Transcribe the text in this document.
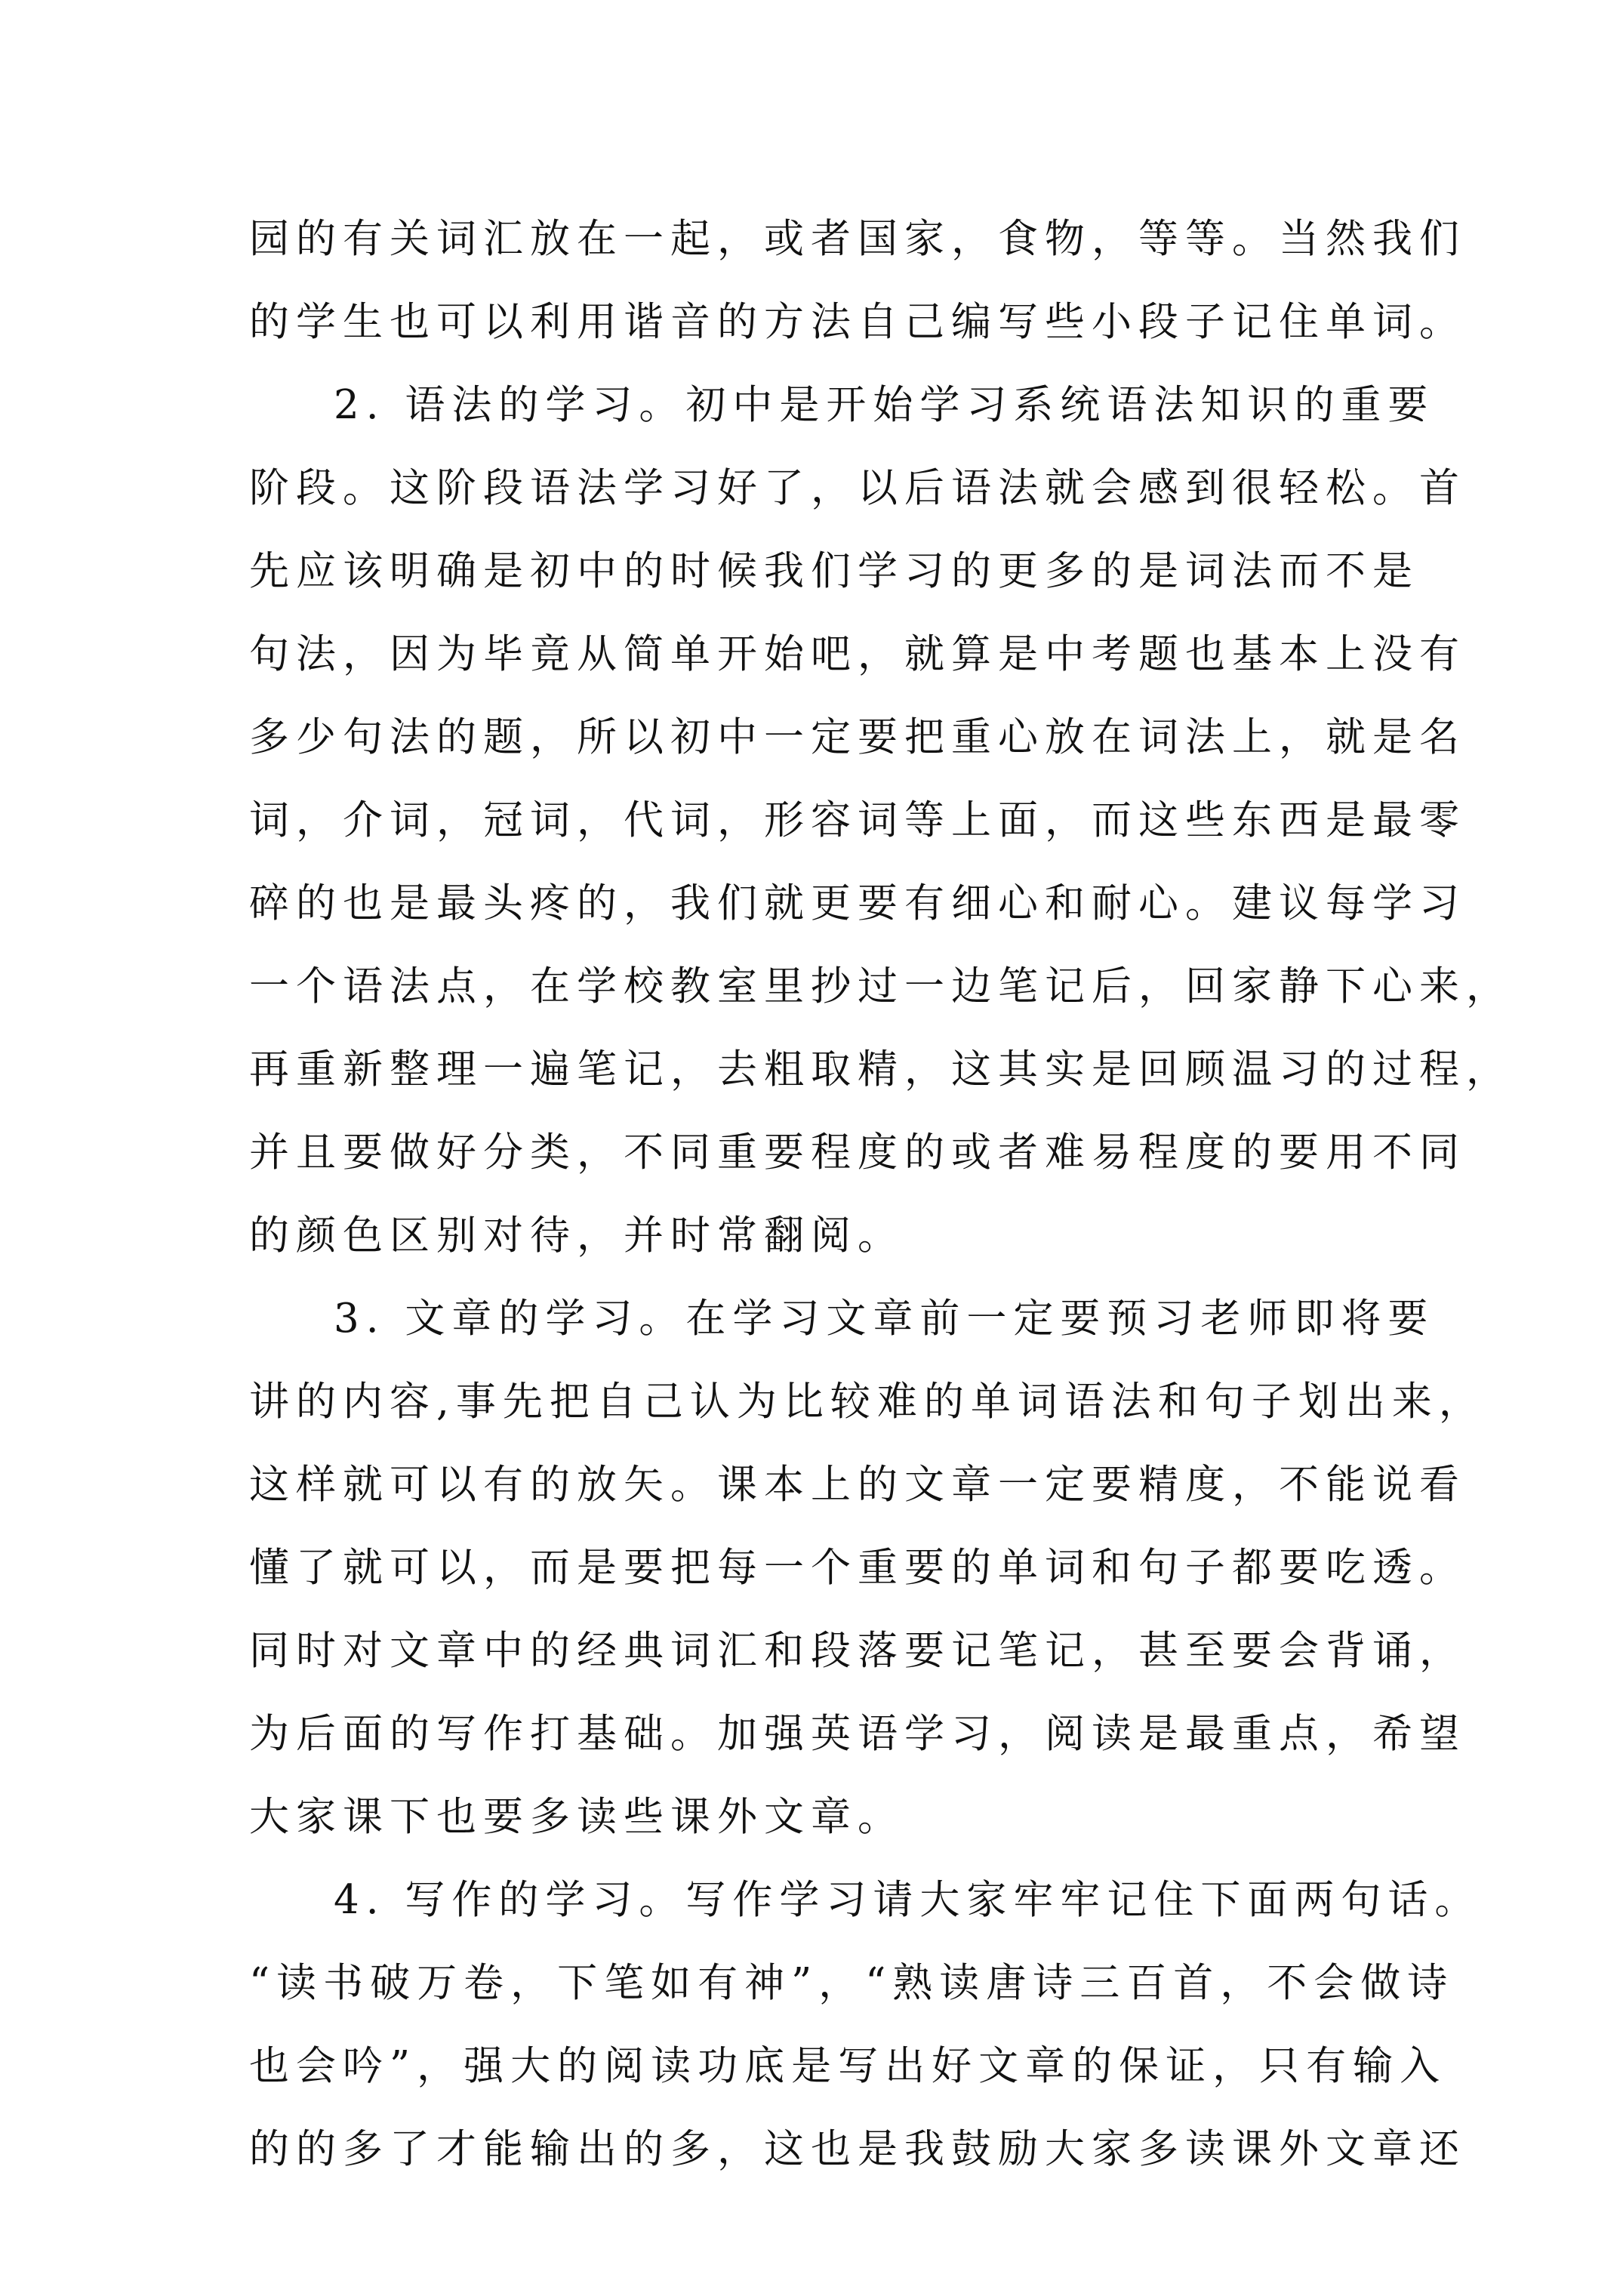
园的有关词汇放在一起，或者国家，食物，等等。当然我们
的学生也可以利用谐音的方法自己编写些小段子记住单词。
2. 语法的学习。初中是开始学习系统语法知识的重要
阶段。这阶段语法学习好了，以后语法就会感到很轻松。首
先应该明确是初中的时候我们学习的更多的是词法而不是
句法，因为毕竟从简单开始吧，就算是中考题也基本上没有
多少句法的题，所以初中一定要把重心放在词法上，就是名
词，介词，冠词，代词，形容词等上面，而这些东西是最零
碎的也是最头疼的，我们就更要有细心和耐心。建议每学习
一个语法点，在学校教室里抄过一边笔记后，回家静下心来，
再重新整理一遍笔记，去粗取精，这其实是回顾温习的过程，
并且要做好分类，不同重要程度的或者难易程度的要用不同
的颜色区别对待，并时常翻阅。
3. 文章的学习。在学习文章前一定要预习老师即将要
讲的内容,事先把自己认为比较难的单词语法和句子划出来，
这样就可以有的放矢。课本上的文章一定要精度，不能说看
懂了就可以，而是要把每一个重要的单词和句子都要吃透。
同时对文章中的经典词汇和段落要记笔记，甚至要会背诵，
为后面的写作打基础。加强英语学习，阅读是最重点，希望
大家课下也要多读些课外文章。
4. 写作的学习。写作学习请大家牢牢记住下面两句话。
“读书破万卷，下笔如有神”，“熟读唐诗三百首，不会做诗
也会吟”，强大的阅读功底是写出好文章的保证，只有输入
的的多了才能输出的多，这也是我鼓励大家多读课外文章还
